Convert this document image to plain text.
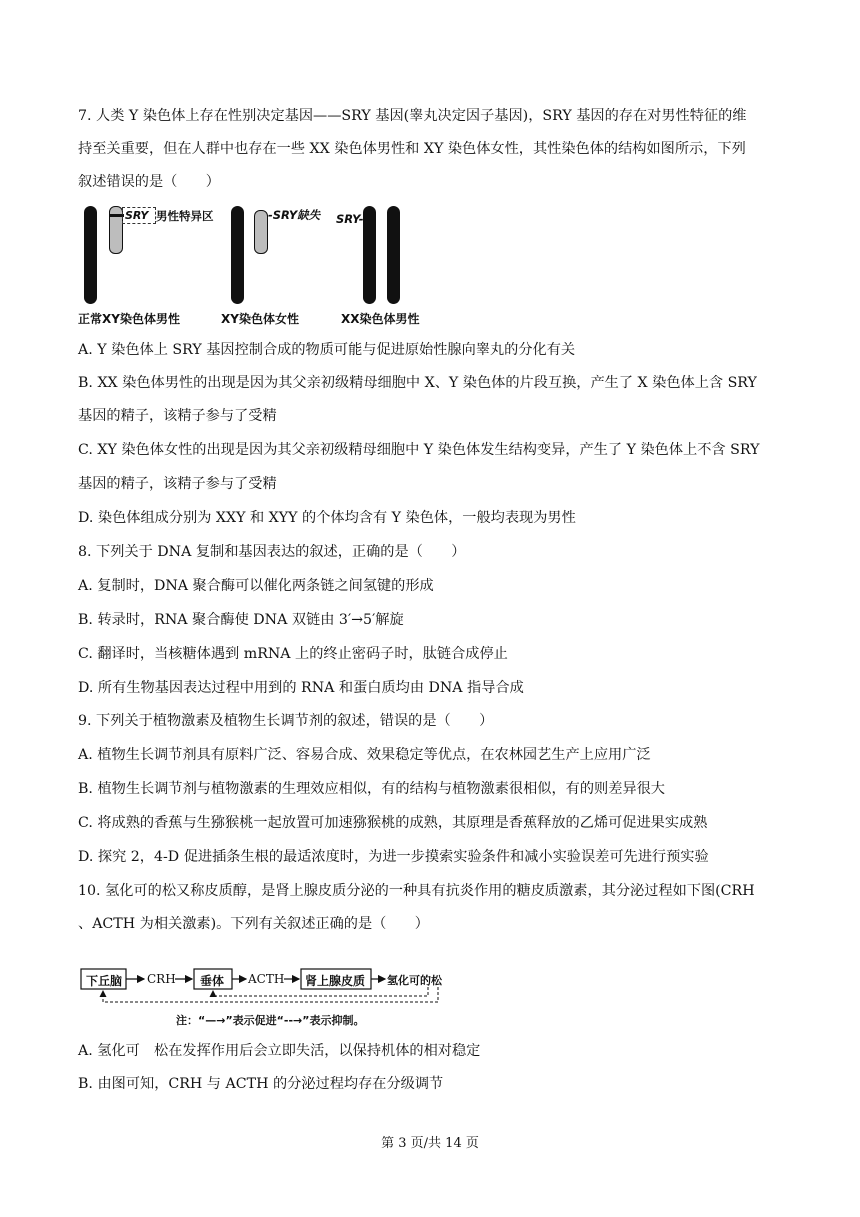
7. 人类 Y 染色体上存在性别决定基因——SRY 基因(睾丸决定因子基因)，SRY 基因的存在对男性特征的维
持至关重要，但在人群中也存在一些 XX 染色体男性和 XY 染色体女性，其性染色体的结构如图所示，下列
叙述错误的是（　　）
SRY 男性特异区	-SRY缺失 SRY-
正常XY染色体男性	XY染色体女性	XX染色体男性
A. Y 染色体上 SRY 基因控制合成的物质可能与促进原始性腺向睾丸的分化有关
B. XX 染色体男性的出现是因为其父亲初级精母细胞中 X、Y 染色体的片段互换，产生了 X 染色体上含 SRY
基因的精子，该精子参与了受精
C. XY 染色体女性的出现是因为其父亲初级精母细胞中 Y 染色体发生结构变异，产生了 Y 染色体上不含 SRY
基因的精子，该精子参与了受精
D. 染色体组成分别为 XXY 和 XYY 的个体均含有 Y 染色体，一般均表现为男性
8. 下列关于 DNA 复制和基因表达的叙述，正确的是（　　）
A. 复制时，DNA 聚合酶可以催化两条链之间氢键的形成
B. 转录时，RNA 聚合酶使 DNA 双链由 3′→5′解旋
C. 翻译时，当核糖体遇到 mRNA 上的终止密码子时，肽链合成停止
D. 所有生物基因表达过程中用到的 RNA 和蛋白质均由 DNA 指导合成
9. 下列关于植物激素及植物生长调节剂的叙述，错误的是（　　）
A. 植物生长调节剂具有原料广泛、容易合成、效果稳定等优点，在农林园艺生产上应用广泛
B. 植物生长调节剂与植物激素的生理效应相似，有的结构与植物激素很相似，有的则差异很大
C. 将成熟的香蕉与生猕猴桃一起放置可加速猕猴桃的成熟，其原理是香蕉释放的乙烯可促进果实成熟
D. 探究 2，4-D 促进插条生根的最适浓度时，为进一步摸索实验条件和减小实验误差可先进行预实验
10. 氢化可的松又称皮质醇，是肾上腺皮质分泌的一种具有抗炎作用的糖皮质激素，其分泌过程如下图(CRH
、ACTH 为相关激素)。下列有关叙述正确的是（　　）
下丘脑 CRH 垂体 ACTH 肾上腺皮质 氢化可的松
注：“—→”表示促进“--→”表示抑制。
A. 氢化可　松在发挥作用后会立即失活，以保持机体的相对稳定
B. 由图可知，CRH 与 ACTH 的分泌过程均存在分级调节
第 3 页/共 14 页
